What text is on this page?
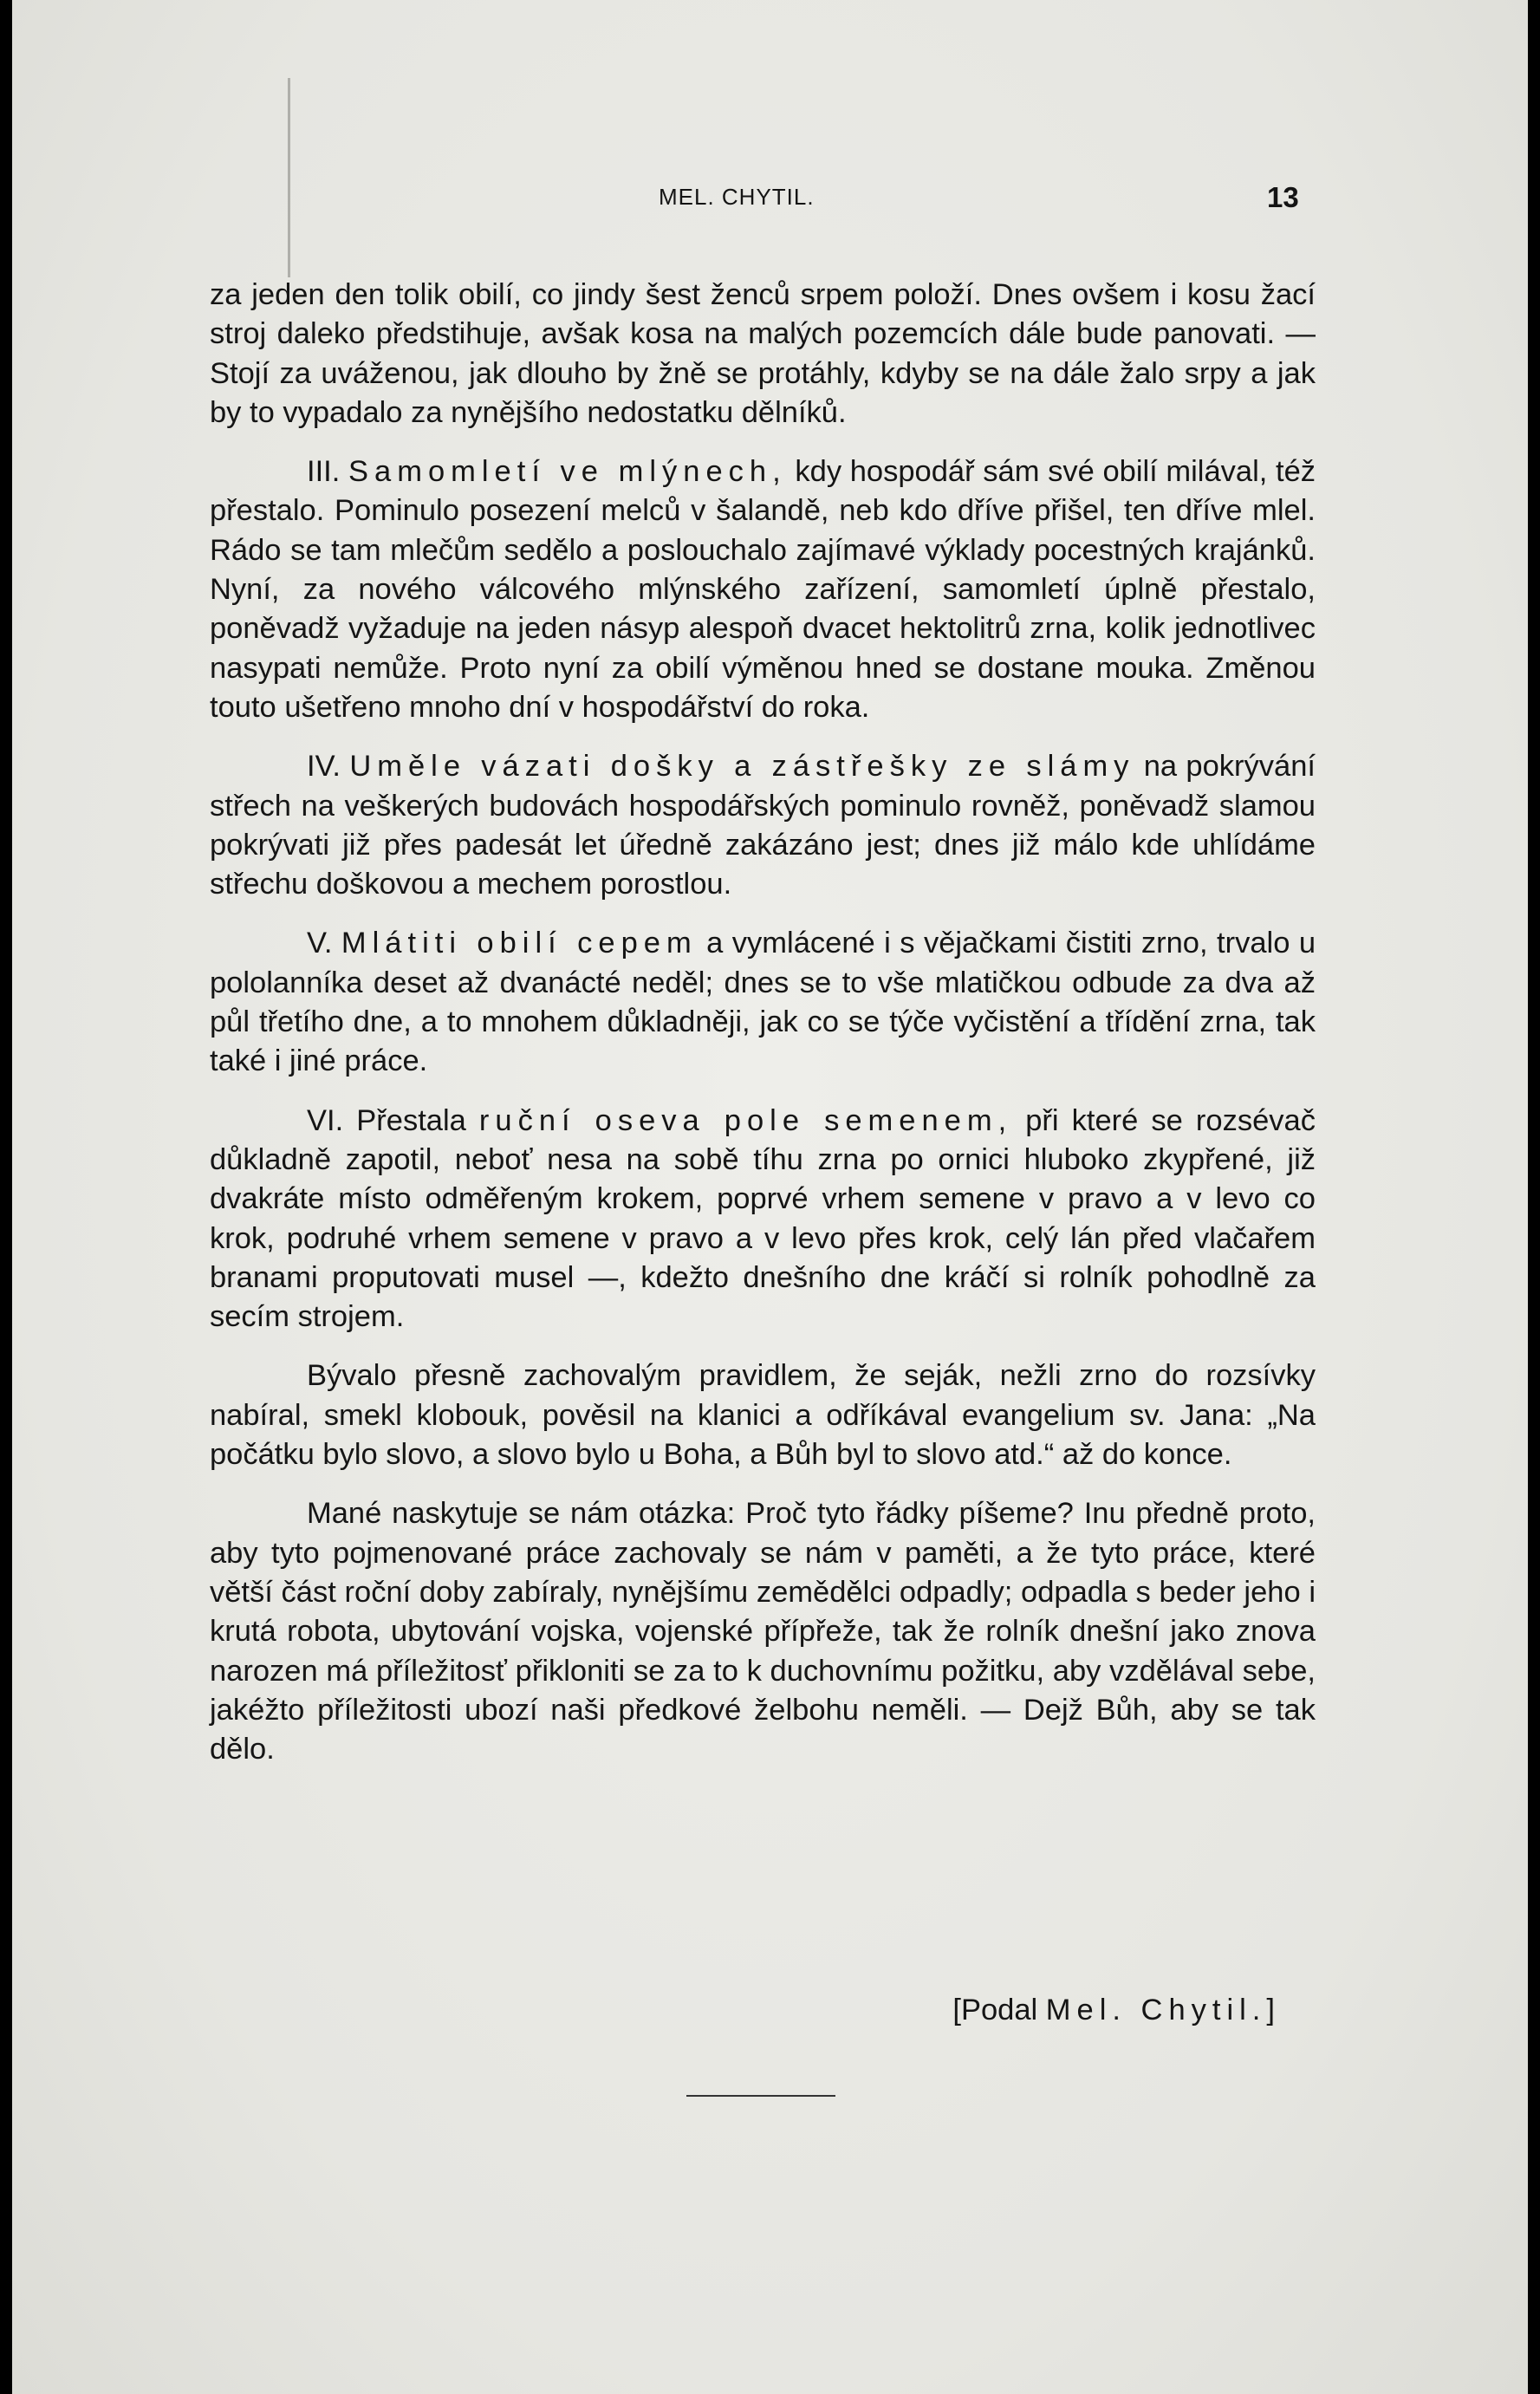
MEL. CHYTIL.	13

za jeden den tolik obilí, co jindy šest ženců srpem položí. Dnes ovšem i kosu žací stroj daleko předstihuje, avšak kosa na malých pozemcích dále bude panovati. — Stojí za uváženou, jak dlouho by žně se protáhly, kdyby se na dále žalo srpy a jak by to vypadalo za nynějšího nedostatku dělníků.

III. Samomletí ve mlýnech, kdy hospodář sám své obilí milával, též přestalo. Pominulo posezení melců v šalandě, neb kdo dříve přišel, ten dříve mlel. Rádo se tam mlečům sedělo a poslouchalo zajímavé výklady pocestných krajánků. Nyní, za nového válcového mlýnského zařízení, samomletí úplně přestalo, poněvadž vyžaduje na jeden násyp alespoň dvacet hektolitrů zrna, kolik jednotlivec nasypati nemůže. Proto nyní za obilí výměnou hned se dostane mouka. Změnou touto ušetřeno mnoho dní v hospodářství do roka.

IV. Uměle vázati došky a zástřešky ze slámy na pokrývání střech na veškerých budovách hospodářských pominulo rovněž, poněvadž slamou pokrývati již přes padesát let úředně zakázáno jest; dnes již málo kde uhlídáme střechu doškovou a mechem porostlou.

V. Mlátiti obilí cepem a vymlácené i s vějačkami čistiti zrno, trvalo u pololanníka deset až dvanácté neděl; dnes se to vše mlatičkou odbude za dva až půl třetího dne, a to mnohem důkladněji, jak co se týče vyčistění a třídění zrna, tak také i jiné práce.

VI. Přestala ruční oseva pole semenem, při které se rozsévač důkladně zapotil, neboť nesa na sobě tíhu zrna po ornici hluboko zkypřené, již dvakráte místo odměřeným krokem, poprvé vrhem semene v pravo a v levo co krok, podruhé vrhem semene v pravo a v levo přes krok, celý lán před vlačařem branami proputovati musel —, kdežto dnešního dne kráčí si rolník pohodlně za secím strojem.

Bývalo přesně zachovalým pravidlem, že seják, nežli zrno do rozsívky nabíral, smekl klobouk, pověsil na klanici a odříkával evangelium sv. Jana: „Na počátku bylo slovo, a slovo bylo u Boha, a Bůh byl to slovo atd.“ až do konce.

Mané naskytuje se nám otázka: Proč tyto řádky píšeme? Inu předně proto, aby tyto pojmenované práce zachovaly se nám v paměti, a že tyto práce, které větší část roční doby zabíraly, nynějšímu zemědělci odpadly; odpadla s beder jeho i krutá robota, ubytování vojska, vojenské přípřeže, tak že rolník dnešní jako znova narozen má příležitosť přikloniti se za to k duchovnímu požitku, aby vzdělával sebe, jakéžto příležitosti ubozí naši předkové želbohu neměli. — Dejž Bůh, aby se tak dělo.

[Podal Mel. Chytil.]
